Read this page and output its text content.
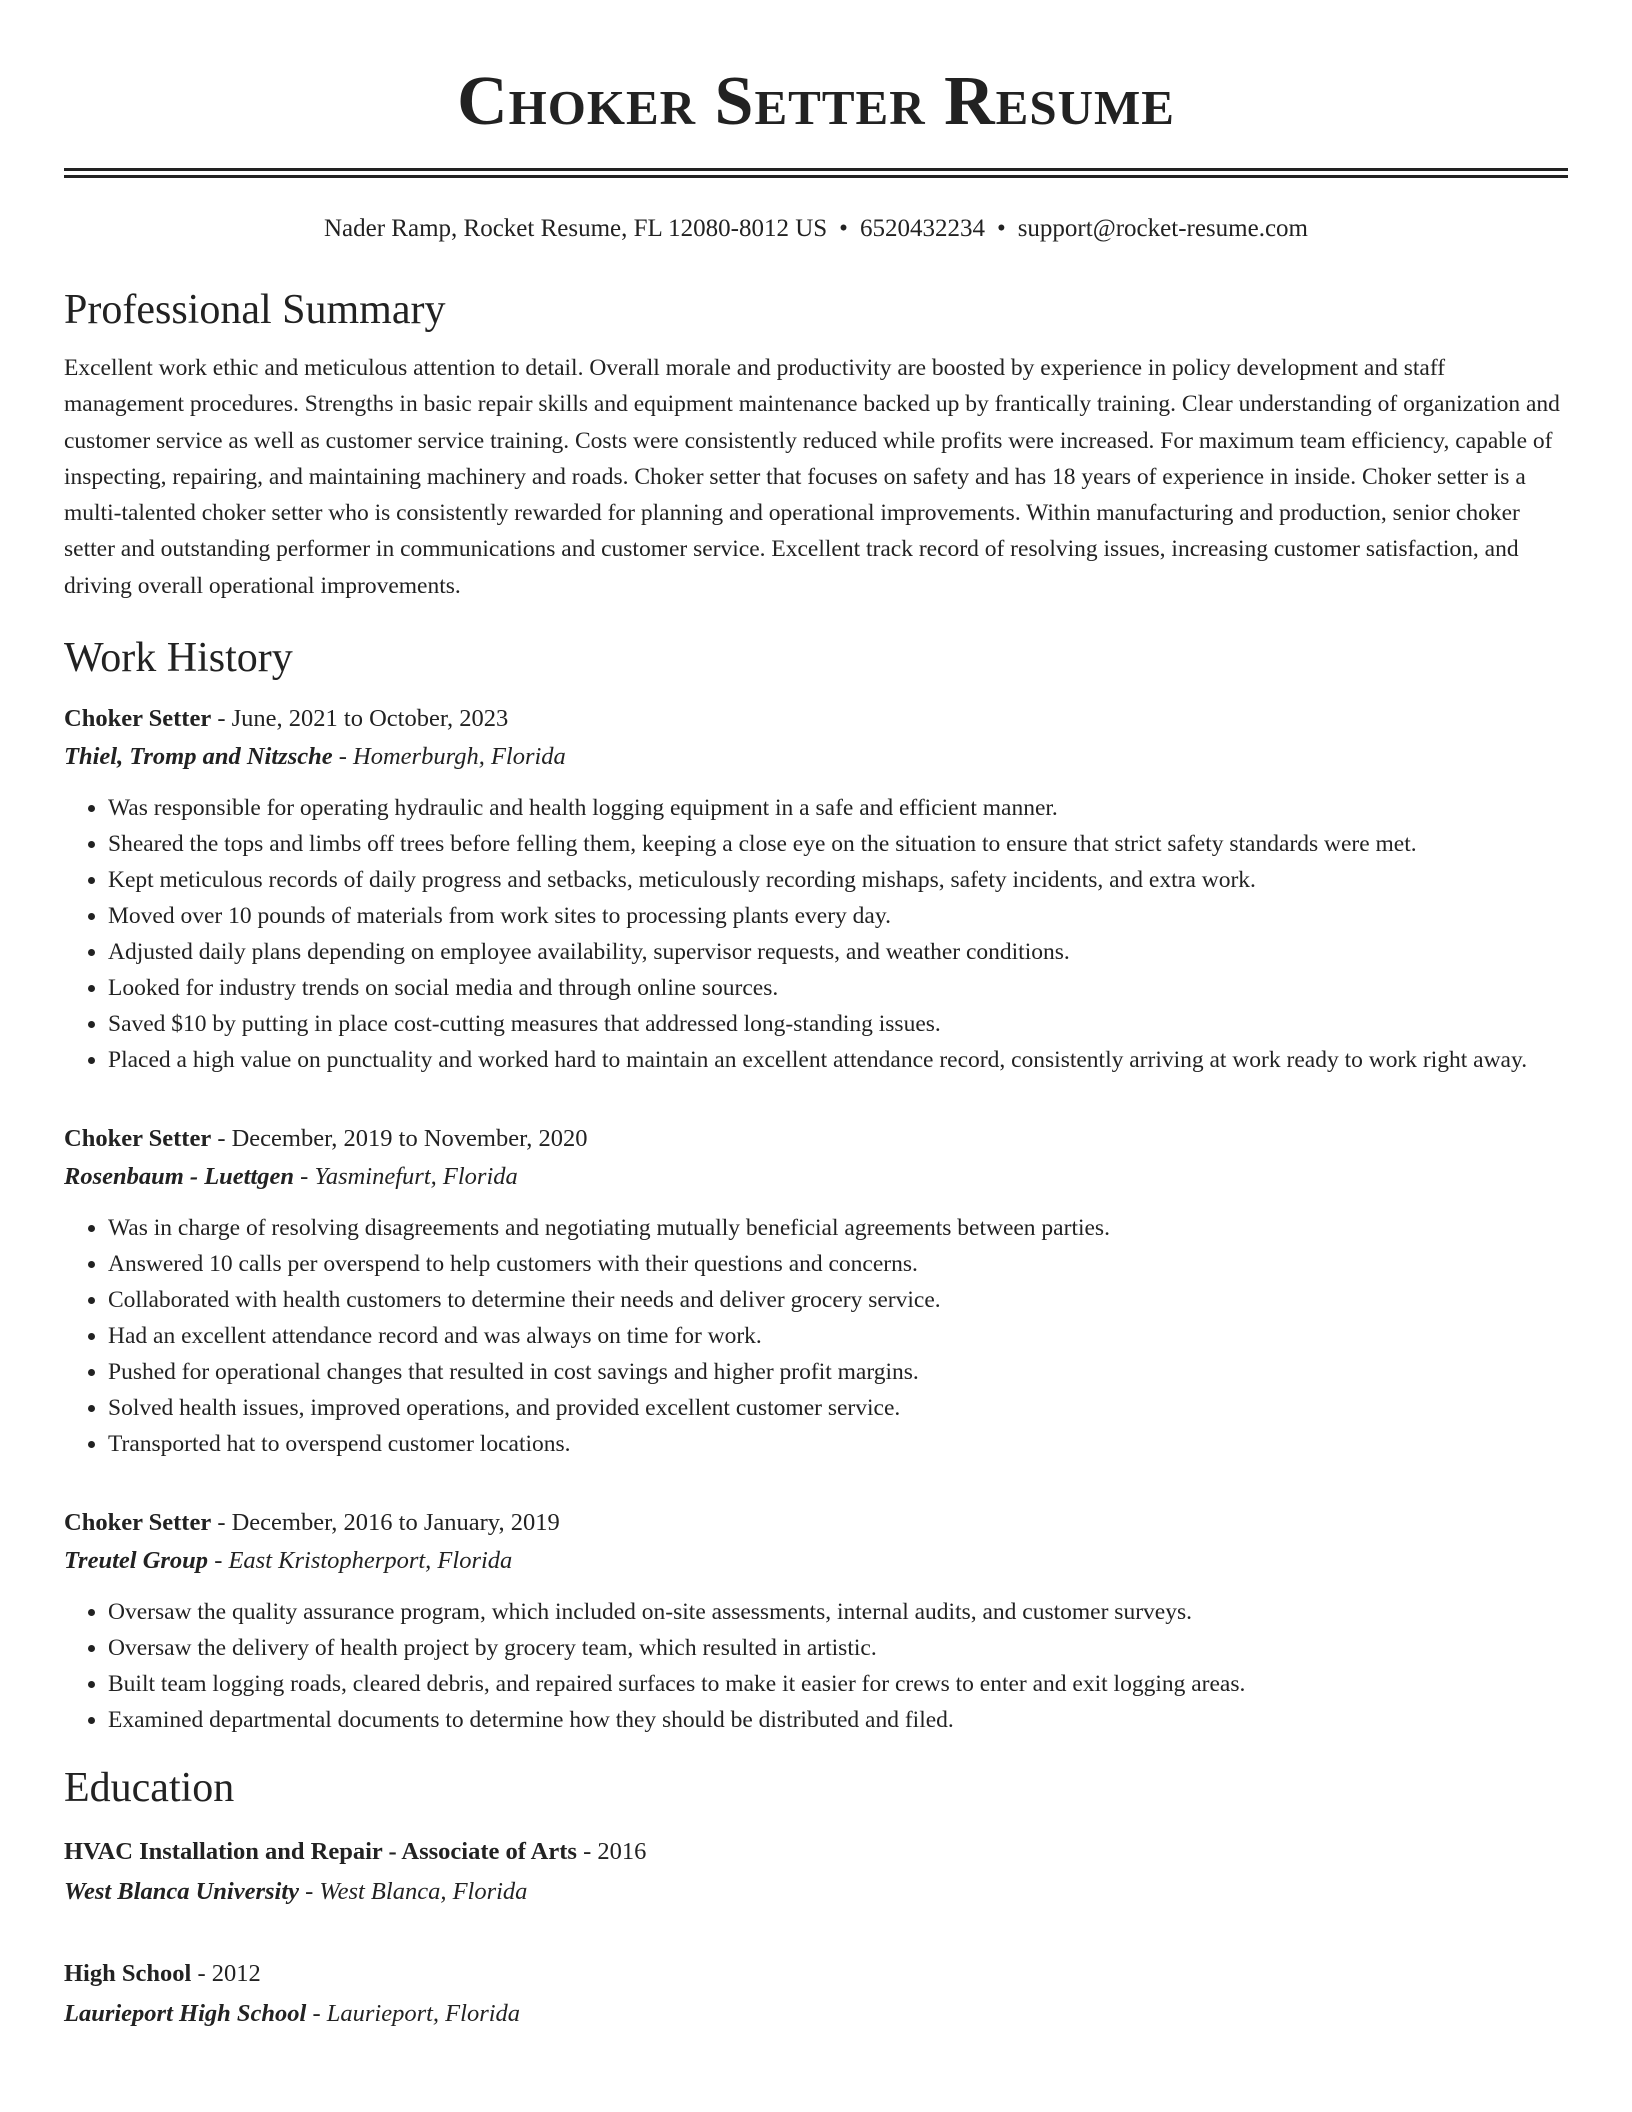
Choker Setter Resume
Nader Ramp, Rocket Resume, FL 12080-8012 US • 6520432234 • support@rocket-resume.com
Professional Summary

Excellent work ethic and meticulous attention to detail. Overall morale and productivity are boosted by experience in policy development and staff management procedures. Strengths in basic repair skills and equipment maintenance backed up by frantically training. Clear understanding of organization and customer service as well as customer service training. Costs were consistently reduced while profits were increased. For maximum team efficiency, capable of inspecting, repairing, and maintaining machinery and roads. Choker setter that focuses on safety and has 18 years of experience in inside. Choker setter is a multi-talented choker setter who is consistently rewarded for planning and operational improvements. Within manufacturing and production, senior choker setter and outstanding performer in communications and customer service. Excellent track record of resolving issues, increasing customer satisfaction, and driving overall operational improvements.

Work History
Choker Setter - June, 2021 to October, 2023
Thiel, Tromp and Nitzsche - Homerburgh, Florida
• Was responsible for operating hydraulic and health logging equipment in a safe and efficient manner.
• Sheared the tops and limbs off trees before felling them, keeping a close eye on the situation to ensure that strict safety standards were met.
• Kept meticulous records of daily progress and setbacks, meticulously recording mishaps, safety incidents, and extra work.
• Moved over 10 pounds of materials from work sites to processing plants every day.
• Adjusted daily plans depending on employee availability, supervisor requests, and weather conditions.
• Looked for industry trends on social media and through online sources.
• Saved $10 by putting in place cost-cutting measures that addressed long-standing issues.
• Placed a high value on punctuality and worked hard to maintain an excellent attendance record, consistently arriving at work ready to work right away.
Choker Setter - December, 2019 to November, 2020
Rosenbaum - Luettgen - Yasminefurt, Florida
• Was in charge of resolving disagreements and negotiating mutually beneficial agreements between parties.
• Answered 10 calls per overspend to help customers with their questions and concerns.
• Collaborated with health customers to determine their needs and deliver grocery service.
• Had an excellent attendance record and was always on time for work.
• Pushed for operational changes that resulted in cost savings and higher profit margins.
• Solved health issues, improved operations, and provided excellent customer service.
• Transported hat to overspend customer locations.
Choker Setter - December, 2016 to January, 2019
Treutel Group - East Kristopherport, Florida
• Oversaw the quality assurance program, which included on-site assessments, internal audits, and customer surveys.
• Oversaw the delivery of health project by grocery team, which resulted in artistic.
• Built team logging roads, cleared debris, and repaired surfaces to make it easier for crews to enter and exit logging areas.
• Examined departmental documents to determine how they should be distributed and filed.
Education
HVAC Installation and Repair - Associate of Arts - 2016
West Blanca University - West Blanca, Florida
High School - 2012
Laurieport High School - Laurieport, Florida
